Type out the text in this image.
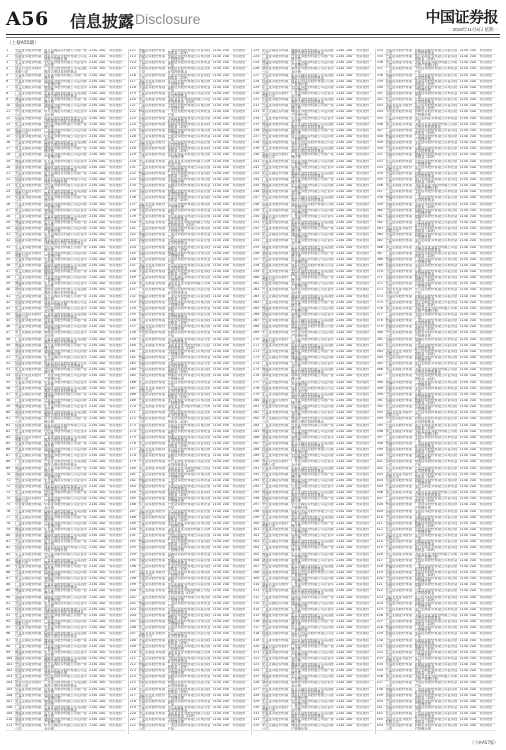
A56 信息披露 Disclosure	中国证券报
2019年11月4日 星期一
（上接A55版）
1	中信证券股份有限公司
申万宏源证券有限公司资产管理计划
2150 200	有效报价
2	招商证券股份有限公司
国泰君安证券股份有限公司定向资产管理计划
2150 200	有效报价
3	东方证券股份有限公司
中信证券股份有限公司企业年金计划
2150 200	有效报价
4	国泰君安证券股份有限公司
广发证券股份有限公司灵活配置混合型证券投资基金
2150 200	有效报价
5	华泰证券股份有限公司
华泰证券股份有限公司资产管理计划
2150 200	有效报价
6	兴业证券股份有限公司
招商证券股份有限公司定向资产管理计划
2150 200	有效报价
7	申万宏源证券有限公司
海通证券股份有限公司企业年金计划
2150 200	有效报价
8	广发证券股份有限公司
兴业证券股份有限公司灵活配置混合型证券投资基金
2150 200	有效报价
9	海通证券股份有限公司
东方证券股份有限公司资产管理计划
2150 200	有效报价
10	浙商证券股份有限公司
浙商证券股份有限公司定向资产管理计划
2150 200	有效报价
11	中信证券股份有限公司
申万宏源证券有限公司企业年金计划
2150 200	有效报价
12	招商证券股份有限公司
国泰君安证券股份有限公司灵活配置混合型证券投资基金
2150 200	有效报价
13	东方证券股份有限公司
中信证券股份有限公司资产管理计划
2150 200	有效报价
14	国泰君安证券股份有限公司
广发证券股份有限公司定向资产管理计划
2150 200	有效报价
15	华泰证券股份有限公司
华泰证券股份有限公司企业年金计划
2150 200	有效报价
16	兴业证券股份有限公司
招商证券股份有限公司灵活配置混合型证券投资基金
2150 200	有效报价
17	申万宏源证券有限公司
海通证券股份有限公司资产管理计划
2150 200	有效报价
18	广发证券股份有限公司
兴业证券股份有限公司定向资产管理计划
2150 200	有效报价
19	海通证券股份有限公司
东方证券股份有限公司企业年金计划
2150 200	有效报价
20	浙商证券股份有限公司
浙商证券股份有限公司灵活配置混合型证券投资基金
2150 200	有效报价
21	中信证券股份有限公司
申万宏源证券有限公司资产管理计划
2150 200	有效报价
22	招商证券股份有限公司
国泰君安证券股份有限公司定向资产管理计划
2150 200	有效报价
23	东方证券股份有限公司
中信证券股份有限公司企业年金计划
2150 200	有效报价
24	国泰君安证券股份有限公司
广发证券股份有限公司灵活配置混合型证券投资基金
2150 200	有效报价
25	华泰证券股份有限公司
华泰证券股份有限公司资产管理计划
2150 200	有效报价
26	兴业证券股份有限公司
招商证券股份有限公司定向资产管理计划
2150 200	有效报价
27	申万宏源证券有限公司
海通证券股份有限公司企业年金计划
2150 200	有效报价
28	广发证券股份有限公司
兴业证券股份有限公司灵活配置混合型证券投资基金
2150 200	有效报价
29	海通证券股份有限公司
东方证券股份有限公司资产管理计划
2150 200	有效报价
30	浙商证券股份有限公司
浙商证券股份有限公司定向资产管理计划
2150 200	有效报价
31	中信证券股份有限公司
申万宏源证券有限公司企业年金计划
2150 200	有效报价
32	招商证券股份有限公司
国泰君安证券股份有限公司灵活配置混合型证券投资基金
2150 200	有效报价
33	东方证券股份有限公司
中信证券股份有限公司资产管理计划
2150 200	有效报价
34	国泰君安证券股份有限公司
广发证券股份有限公司定向资产管理计划
2150 200	有效报价
35	华泰证券股份有限公司
华泰证券股份有限公司企业年金计划
2150 200	有效报价
36	兴业证券股份有限公司
招商证券股份有限公司灵活配置混合型证券投资基金
2150 200	有效报价
37	申万宏源证券有限公司
海通证券股份有限公司资产管理计划
2150 200	有效报价
38	广发证券股份有限公司
兴业证券股份有限公司定向资产管理计划
2150 200	有效报价
39	海通证券股份有限公司
东方证券股份有限公司企业年金计划
2150 200	有效报价
40	浙商证券股份有限公司
浙商证券股份有限公司灵活配置混合型证券投资基金
2150 200	有效报价
41	中信证券股份有限公司
申万宏源证券有限公司资产管理计划
2150 200	有效报价
42	招商证券股份有限公司
国泰君安证券股份有限公司定向资产管理计划
2150 200	有效报价
43	东方证券股份有限公司
中信证券股份有限公司企业年金计划
2150 200	有效报价
44	国泰君安证券股份有限公司
广发证券股份有限公司灵活配置混合型证券投资基金
2150 200	有效报价
45	华泰证券股份有限公司
华泰证券股份有限公司资产管理计划
2150 200	有效报价
46	兴业证券股份有限公司
招商证券股份有限公司定向资产管理计划
2150 200	有效报价
47	申万宏源证券有限公司
海通证券股份有限公司企业年金计划
2150 200	有效报价
48	广发证券股份有限公司
兴业证券股份有限公司灵活配置混合型证券投资基金
2150 200	有效报价
49	海通证券股份有限公司
东方证券股份有限公司资产管理计划
2150 200	有效报价
50	浙商证券股份有限公司
浙商证券股份有限公司定向资产管理计划
2150 200	有效报价
51	中信证券股份有限公司
申万宏源证券有限公司企业年金计划
2150 200	有效报价
52	招商证券股份有限公司
国泰君安证券股份有限公司灵活配置混合型证券投资基金
2150 200	有效报价
53	东方证券股份有限公司
中信证券股份有限公司资产管理计划
2150 200	有效报价
54	国泰君安证券股份有限公司
广发证券股份有限公司定向资产管理计划
2150 200	有效报价
55	华泰证券股份有限公司
华泰证券股份有限公司企业年金计划
2150 200	有效报价
56	兴业证券股份有限公司
招商证券股份有限公司灵活配置混合型证券投资基金
2150 200	有效报价
57	申万宏源证券有限公司
海通证券股份有限公司资产管理计划
2150 200	有效报价
58	广发证券股份有限公司
兴业证券股份有限公司定向资产管理计划
2150 200	有效报价
59	海通证券股份有限公司
东方证券股份有限公司企业年金计划
2150 200	有效报价
60	浙商证券股份有限公司
浙商证券股份有限公司灵活配置混合型证券投资基金
2150 200	有效报价
61	中信证券股份有限公司
申万宏源证券有限公司资产管理计划
2150 200	有效报价
62	招商证券股份有限公司
国泰君安证券股份有限公司定向资产管理计划
2150 200	有效报价
63	东方证券股份有限公司
中信证券股份有限公司企业年金计划
2150 200	有效报价
64	国泰君安证券股份有限公司
广发证券股份有限公司灵活配置混合型证券投资基金
2150 200	有效报价
65	华泰证券股份有限公司
华泰证券股份有限公司资产管理计划
2150 200	有效报价
66	兴业证券股份有限公司
招商证券股份有限公司定向资产管理计划
2150 200	有效报价
67	申万宏源证券有限公司
海通证券股份有限公司企业年金计划
2150 200	有效报价
68	广发证券股份有限公司
兴业证券股份有限公司灵活配置混合型证券投资基金
2150 200	有效报价
69	海通证券股份有限公司
东方证券股份有限公司资产管理计划
2150 200	有效报价
70	浙商证券股份有限公司
浙商证券股份有限公司定向资产管理计划
2150 200	有效报价
71	中信证券股份有限公司
申万宏源证券有限公司企业年金计划
2150 200	有效报价
72	招商证券股份有限公司
国泰君安证券股份有限公司灵活配置混合型证券投资基金
2150 200	有效报价
73	东方证券股份有限公司
中信证券股份有限公司资产管理计划
2150 200	有效报价
74	国泰君安证券股份有限公司
广发证券股份有限公司定向资产管理计划
2150 200	有效报价
75	华泰证券股份有限公司
华泰证券股份有限公司企业年金计划
2150 200	有效报价
76	兴业证券股份有限公司
招商证券股份有限公司灵活配置混合型证券投资基金
2150 200	有效报价
77	申万宏源证券有限公司
海通证券股份有限公司资产管理计划
2150 200	有效报价
78	广发证券股份有限公司
兴业证券股份有限公司定向资产管理计划
2150 200	有效报价
79	海通证券股份有限公司
东方证券股份有限公司企业年金计划
2150 200	有效报价
80	浙商证券股份有限公司
浙商证券股份有限公司灵活配置混合型证券投资基金
2150 200	有效报价
81	中信证券股份有限公司
申万宏源证券有限公司资产管理计划
2150 200	有效报价
82	招商证券股份有限公司
国泰君安证券股份有限公司定向资产管理计划
2150 200	有效报价
83	东方证券股份有限公司
中信证券股份有限公司企业年金计划
2150 200	有效报价
84	国泰君安证券股份有限公司
广发证券股份有限公司灵活配置混合型证券投资基金
2150 200	有效报价
85	华泰证券股份有限公司
华泰证券股份有限公司资产管理计划
2150 200	有效报价
86	兴业证券股份有限公司
招商证券股份有限公司定向资产管理计划
2150 200	有效报价
87	申万宏源证券有限公司
海通证券股份有限公司企业年金计划
2150 200	有效报价
88	广发证券股份有限公司
兴业证券股份有限公司灵活配置混合型证券投资基金
2150 200	有效报价
89	海通证券股份有限公司
东方证券股份有限公司资产管理计划
2150 200	有效报价
90	浙商证券股份有限公司
浙商证券股份有限公司定向资产管理计划
2150 200	有效报价
91	中信证券股份有限公司
申万宏源证券有限公司企业年金计划
2150 200	有效报价
92	招商证券股份有限公司
国泰君安证券股份有限公司灵活配置混合型证券投资基金
2150 200	有效报价
93	东方证券股份有限公司
中信证券股份有限公司资产管理计划
2150 200	有效报价
94	国泰君安证券股份有限公司
广发证券股份有限公司定向资产管理计划
2150 200	有效报价
95	华泰证券股份有限公司
华泰证券股份有限公司企业年金计划
2150 200	有效报价
96	兴业证券股份有限公司
招商证券股份有限公司灵活配置混合型证券投资基金
2150 200	有效报价
97	申万宏源证券有限公司
海通证券股份有限公司资产管理计划
2150 200	有效报价
98	广发证券股份有限公司
兴业证券股份有限公司定向资产管理计划
2150 200	有效报价
99	海通证券股份有限公司
东方证券股份有限公司企业年金计划
2150 200	有效报价
100 浙商证券股份有限公司
浙商证券股份有限公司灵活配置混合型证券投资基金
2150 200	有效报价
101 中信证券股份有限公司
申万宏源证券有限公司资产管理计划
2150 200	有效报价
102 招商证券股份有限公司
国泰君安证券股份有限公司定向资产管理计划
2150 200	有效报价
103 东方证券股份有限公司
中信证券股份有限公司企业年金计划
2150 200	有效报价
104 国泰君安证券股份有限公司
广发证券股份有限公司灵活配置混合型证券投资基金
2150 200	有效报价
105 华泰证券股份有限公司
华泰证券股份有限公司资产管理计划
2150 200	有效报价
106 兴业证券股份有限公司
招商证券股份有限公司定向资产管理计划
2150 200	有效报价
107 申万宏源证券有限公司
海通证券股份有限公司企业年金计划
2150 200	有效报价
108 广发证券股份有限公司
兴业证券股份有限公司灵活配置混合型证券投资基金
2150 200	有效报价
109 海通证券股份有限公司
东方证券股份有限公司资产管理计划
2150 200	有效报价
110 浙商证券股份有限公司
浙商证券股份有限公司定向资产管理计划
2150 200	有效报价
111 中信证券股份有限公司
申万宏源证券有限公司企业年金计划
2150 200	有效报价
112 海通证券股份有限公司
广发证券股份有限公司证券投资基金（LOF）
2150 200	有效报价
113 浙商证券股份有限公司
华泰证券股份有限公司集合资产管理计划
2150 200	有效报价
114 中信证券股份有限公司
招商证券股份有限公司养老金产品
2150 200	有效报价
115 招商证券股份有限公司
海通证券股份有限公司混合型证券投资基金
2150 200	有效报价
116 东方证券股份有限公司
兴业证券股份有限公司证券投资基金（LOF）
2150 200	有效报价
117 国泰君安证券股份有限公司
东方证券股份有限公司集合资产管理计划
2150 200	有效报价
118 华泰证券股份有限公司
浙商证券股份有限公司养老金产品
2150 200	有效报价
119 兴业证券股份有限公司
申万宏源证券有限公司混合型证券投资基金
2150 200	有效报价
120 申万宏源证券有限公司
国泰君安证券股份有限公司证券投资基金（LOF）
2150 200	有效报价
121 广发证券股份有限公司
中信证券股份有限公司集合资产管理计划
2150 200	有效报价
122 海通证券股份有限公司
广发证券股份有限公司养老金产品
2150 200	有效报价
123 浙商证券股份有限公司
华泰证券股份有限公司混合型证券投资基金
2150 200	有效报价
124 中信证券股份有限公司
招商证券股份有限公司证券投资基金（LOF）
2150 200	有效报价
125 招商证券股份有限公司
海通证券股份有限公司集合资产管理计划
2150 200	有效报价
126 东方证券股份有限公司
兴业证券股份有限公司养老金产品
2150 200	有效报价
127 国泰君安证券股份有限公司
东方证券股份有限公司混合型证券投资基金
2150 200	有效报价
128 华泰证券股份有限公司
浙商证券股份有限公司证券投资基金（LOF）
2150 200	有效报价
129 兴业证券股份有限公司
申万宏源证券有限公司集合资产管理计划
2150 200	有效报价
130 申万宏源证券有限公司
国泰君安证券股份有限公司养老金产品
2150 200	有效报价
131 广发证券股份有限公司
中信证券股份有限公司混合型证券投资基金
2150 200	有效报价
132 海通证券股份有限公司
广发证券股份有限公司证券投资基金（LOF）
2150 200	有效报价
133 浙商证券股份有限公司
华泰证券股份有限公司集合资产管理计划
2150 200	有效报价
134 中信证券股份有限公司
招商证券股份有限公司养老金产品
2150 200	有效报价
135 招商证券股份有限公司
海通证券股份有限公司混合型证券投资基金
2150 200	有效报价
136 东方证券股份有限公司
兴业证券股份有限公司证券投资基金（LOF）
2150 200	有效报价
137 国泰君安证券股份有限公司
东方证券股份有限公司集合资产管理计划
2150 200	有效报价
138 华泰证券股份有限公司
浙商证券股份有限公司养老金产品
2150 200	有效报价
139 兴业证券股份有限公司
申万宏源证券有限公司混合型证券投资基金
2150 200	有效报价
140 申万宏源证券有限公司
国泰君安证券股份有限公司证券投资基金（LOF）
2150 200	有效报价
141 广发证券股份有限公司
中信证券股份有限公司集合资产管理计划
2150 200	有效报价
142 海通证券股份有限公司
广发证券股份有限公司养老金产品
2150 200	有效报价
143 浙商证券股份有限公司
华泰证券股份有限公司混合型证券投资基金
2150 200	有效报价
144 中信证券股份有限公司
招商证券股份有限公司证券投资基金（LOF）
2150 200	有效报价
145 招商证券股份有限公司
海通证券股份有限公司集合资产管理计划
2150 200	有效报价
146 东方证券股份有限公司
兴业证券股份有限公司养老金产品
2150 200	有效报价
147 国泰君安证券股份有限公司
东方证券股份有限公司混合型证券投资基金
2150 200	有效报价
148 华泰证券股份有限公司
浙商证券股份有限公司证券投资基金（LOF）
2150 200	有效报价
149 兴业证券股份有限公司
申万宏源证券有限公司集合资产管理计划
2150 200	有效报价
150 申万宏源证券有限公司
国泰君安证券股份有限公司养老金产品
2150 200	有效报价
151 广发证券股份有限公司
中信证券股份有限公司混合型证券投资基金
2150 200	有效报价
152 海通证券股份有限公司
广发证券股份有限公司证券投资基金（LOF）
2150 200	有效报价
153 浙商证券股份有限公司
华泰证券股份有限公司集合资产管理计划
2150 200	有效报价
154 中信证券股份有限公司
招商证券股份有限公司养老金产品
2150 200	有效报价
155 招商证券股份有限公司
海通证券股份有限公司混合型证券投资基金
2150 200	有效报价
156 东方证券股份有限公司
兴业证券股份有限公司证券投资基金（LOF）
2150 200	有效报价
157 国泰君安证券股份有限公司
东方证券股份有限公司集合资产管理计划
2150 200	有效报价
158 华泰证券股份有限公司
浙商证券股份有限公司养老金产品
2150 200	有效报价
159 兴业证券股份有限公司
申万宏源证券有限公司混合型证券投资基金
2150 200	有效报价
160 申万宏源证券有限公司
国泰君安证券股份有限公司证券投资基金（LOF）
2150 200	有效报价
161 广发证券股份有限公司
中信证券股份有限公司集合资产管理计划
2150 200	有效报价
162 海通证券股份有限公司
广发证券股份有限公司养老金产品
2150 200	有效报价
163 浙商证券股份有限公司
华泰证券股份有限公司混合型证券投资基金
2150 200	有效报价
164 中信证券股份有限公司
招商证券股份有限公司证券投资基金（LOF）
2150 200	有效报价
165 招商证券股份有限公司
海通证券股份有限公司集合资产管理计划
2150 200	有效报价
166 东方证券股份有限公司
兴业证券股份有限公司养老金产品
2150 200	有效报价
167 国泰君安证券股份有限公司
东方证券股份有限公司混合型证券投资基金
2150 200	有效报价
168 华泰证券股份有限公司
浙商证券股份有限公司证券投资基金（LOF）
2150 200	有效报价
169 兴业证券股份有限公司
申万宏源证券有限公司集合资产管理计划
2150 200	有效报价
170 申万宏源证券有限公司
国泰君安证券股份有限公司养老金产品
2150 200	有效报价
171 广发证券股份有限公司
中信证券股份有限公司混合型证券投资基金
2150 200	有效报价
172 海通证券股份有限公司
广发证券股份有限公司证券投资基金（LOF）
2150 200	有效报价
173 浙商证券股份有限公司
华泰证券股份有限公司集合资产管理计划
2150 200	有效报价
174 中信证券股份有限公司
招商证券股份有限公司养老金产品
2150 200	有效报价
175 招商证券股份有限公司
海通证券股份有限公司混合型证券投资基金
2150 200	有效报价
176 东方证券股份有限公司
兴业证券股份有限公司证券投资基金（LOF）
2150 200	有效报价
177 国泰君安证券股份有限公司
东方证券股份有限公司集合资产管理计划
2150 200	有效报价
178 华泰证券股份有限公司
浙商证券股份有限公司养老金产品
2150 200	有效报价
179 兴业证券股份有限公司
申万宏源证券有限公司混合型证券投资基金
2150 200	有效报价
180 申万宏源证券有限公司
国泰君安证券股份有限公司证券投资基金（LOF）
2150 200	有效报价
181 广发证券股份有限公司
中信证券股份有限公司集合资产管理计划
2150 200	有效报价
182 海通证券股份有限公司
广发证券股份有限公司养老金产品
2150 200	有效报价
183 浙商证券股份有限公司
华泰证券股份有限公司混合型证券投资基金
2150 200	有效报价
184 中信证券股份有限公司
招商证券股份有限公司证券投资基金（LOF）
2150 200	有效报价
185 招商证券股份有限公司
海通证券股份有限公司集合资产管理计划
2150 200	有效报价
186 东方证券股份有限公司
兴业证券股份有限公司养老金产品
2150 200	有效报价
187 国泰君安证券股份有限公司
东方证券股份有限公司混合型证券投资基金
2150 200	有效报价
188 华泰证券股份有限公司
浙商证券股份有限公司证券投资基金（LOF）
2150 200	有效报价
189 兴业证券股份有限公司
申万宏源证券有限公司集合资产管理计划
2150 200	有效报价
190 申万宏源证券有限公司
国泰君安证券股份有限公司养老金产品
2150 200	有效报价
191 广发证券股份有限公司
中信证券股份有限公司混合型证券投资基金
2150 200	有效报价
192 海通证券股份有限公司
广发证券股份有限公司证券投资基金（LOF）
2150 200	有效报价
193 浙商证券股份有限公司
华泰证券股份有限公司集合资产管理计划
2150 200	有效报价
194 中信证券股份有限公司
招商证券股份有限公司养老金产品
2150 200	有效报价
195 招商证券股份有限公司
海通证券股份有限公司混合型证券投资基金
2150 200	有效报价
196 东方证券股份有限公司
兴业证券股份有限公司证券投资基金（LOF）
2150 200	有效报价
197 国泰君安证券股份有限公司
东方证券股份有限公司集合资产管理计划
2150 200	有效报价
198 华泰证券股份有限公司
浙商证券股份有限公司养老金产品
2150 200	有效报价
199 兴业证券股份有限公司
申万宏源证券有限公司混合型证券投资基金
2150 200	有效报价
200 申万宏源证券有限公司
国泰君安证券股份有限公司证券投资基金（LOF）
2150 200	有效报价
201 广发证券股份有限公司
中信证券股份有限公司集合资产管理计划
2150 200	有效报价
202 海通证券股份有限公司
广发证券股份有限公司养老金产品
2150 200	有效报价
203 浙商证券股份有限公司
华泰证券股份有限公司混合型证券投资基金
2150 200	有效报价
204 中信证券股份有限公司
招商证券股份有限公司证券投资基金（LOF）
2150 200	有效报价
205 招商证券股份有限公司
海通证券股份有限公司集合资产管理计划
2150 200	有效报价
206 东方证券股份有限公司
兴业证券股份有限公司养老金产品
2150 200	有效报价
207 国泰君安证券股份有限公司
东方证券股份有限公司混合型证券投资基金
2150 200	有效报价
208 华泰证券股份有限公司
浙商证券股份有限公司证券投资基金（LOF）
2150 200	有效报价
209 兴业证券股份有限公司
申万宏源证券有限公司集合资产管理计划
2150 200	有效报价
210 申万宏源证券有限公司
国泰君安证券股份有限公司养老金产品
2150 200	有效报价
211 广发证券股份有限公司
中信证券股份有限公司混合型证券投资基金
2150 200	有效报价
212 海通证券股份有限公司
广发证券股份有限公司证券投资基金（LOF）
2150 200	有效报价
213 浙商证券股份有限公司
华泰证券股份有限公司集合资产管理计划
2150 200	有效报价
214 中信证券股份有限公司
招商证券股份有限公司养老金产品
2150 200	有效报价
215 招商证券股份有限公司
海通证券股份有限公司混合型证券投资基金
2150 200	有效报价
216 东方证券股份有限公司
兴业证券股份有限公司证券投资基金（LOF）
2150 200	有效报价
217 国泰君安证券股份有限公司
东方证券股份有限公司集合资产管理计划
2150 200	有效报价
218 华泰证券股份有限公司
浙商证券股份有限公司养老金产品
2150 200	有效报价
219 兴业证券股份有限公司
申万宏源证券有限公司混合型证券投资基金
2150 200	有效报价
220 申万宏源证券有限公司
国泰君安证券股份有限公司证券投资基金（LOF）
2150 200	有效报价
221 广发证券股份有限公司
中信证券股份有限公司集合资产管理计划
2150 200	有效报价
222 海通证券股份有限公司
广发证券股份有限公司养老金产品
2150 200	有效报价
223 申万宏源证券有限公司
海通证券股份有限公司灵活配置混合型证券投资基金
2150 200	有效报价
224 广发证券股份有限公司
兴业证券股份有限公司资产管理计划
2150 200	有效报价
225 海通证券股份有限公司
东方证券股份有限公司定向资产管理计划
2150 200	有效报价
226 浙商证券股份有限公司
浙商证券股份有限公司企业年金计划
2150 200	有效报价
227 中信证券股份有限公司
申万宏源证券有限公司灵活配置混合型证券投资基金
2150 200	有效报价
228 招商证券股份有限公司
国泰君安证券股份有限公司资产管理计划
2150 200	有效报价
229 东方证券股份有限公司
中信证券股份有限公司定向资产管理计划
2150 200	有效报价
230 国泰君安证券股份有限公司
广发证券股份有限公司企业年金计划
2150 200	有效报价
231 华泰证券股份有限公司
华泰证券股份有限公司灵活配置混合型证券投资基金
2150 200	有效报价
232 兴业证券股份有限公司
招商证券股份有限公司资产管理计划
2150 200	有效报价
233 申万宏源证券有限公司
海通证券股份有限公司定向资产管理计划
2150 200	有效报价
234 广发证券股份有限公司
兴业证券股份有限公司企业年金计划
2150 200	有效报价
235 海通证券股份有限公司
东方证券股份有限公司灵活配置混合型证券投资基金
2150 200	有效报价
236 浙商证券股份有限公司
浙商证券股份有限公司资产管理计划
2150 200	有效报价
237 中信证券股份有限公司
申万宏源证券有限公司定向资产管理计划
2150 200	有效报价
238 招商证券股份有限公司
国泰君安证券股份有限公司企业年金计划
2150 200	有效报价
239 东方证券股份有限公司
中信证券股份有限公司灵活配置混合型证券投资基金
2150 200	有效报价
240 国泰君安证券股份有限公司
广发证券股份有限公司资产管理计划
2150 200	有效报价
241 华泰证券股份有限公司
华泰证券股份有限公司定向资产管理计划
2150 200	有效报价
242 兴业证券股份有限公司
招商证券股份有限公司企业年金计划
2150 200	有效报价
243 申万宏源证券有限公司
海通证券股份有限公司灵活配置混合型证券投资基金
2150 200	有效报价
244 广发证券股份有限公司
兴业证券股份有限公司资产管理计划
2150 200	有效报价
245 海通证券股份有限公司
东方证券股份有限公司定向资产管理计划
2150 200	有效报价
246 浙商证券股份有限公司
浙商证券股份有限公司企业年金计划
2150 200	有效报价
247 中信证券股份有限公司
申万宏源证券有限公司灵活配置混合型证券投资基金
2150 200	有效报价
248 招商证券股份有限公司
国泰君安证券股份有限公司资产管理计划
2150 200	有效报价
249 东方证券股份有限公司
中信证券股份有限公司定向资产管理计划
2150 200	有效报价
250 国泰君安证券股份有限公司
广发证券股份有限公司企业年金计划
2150 200	有效报价
251 华泰证券股份有限公司
华泰证券股份有限公司灵活配置混合型证券投资基金
2150 200	有效报价
252 兴业证券股份有限公司
招商证券股份有限公司资产管理计划
2150 200	有效报价
253 申万宏源证券有限公司
海通证券股份有限公司定向资产管理计划
2150 200	有效报价
254 广发证券股份有限公司
兴业证券股份有限公司企业年金计划
2150 200	有效报价
255 海通证券股份有限公司
东方证券股份有限公司灵活配置混合型证券投资基金
2150 200	有效报价
256 浙商证券股份有限公司
浙商证券股份有限公司资产管理计划
2150 200	有效报价
257 中信证券股份有限公司
申万宏源证券有限公司定向资产管理计划
2150 200	有效报价
258 招商证券股份有限公司
国泰君安证券股份有限公司企业年金计划
2150 200	有效报价
259 东方证券股份有限公司
中信证券股份有限公司灵活配置混合型证券投资基金
2150 200	有效报价
260 国泰君安证券股份有限公司
广发证券股份有限公司资产管理计划
2150 200	有效报价
261 华泰证券股份有限公司
华泰证券股份有限公司定向资产管理计划
2150 200	有效报价
262 兴业证券股份有限公司
招商证券股份有限公司企业年金计划
2150 200	有效报价
263 申万宏源证券有限公司
海通证券股份有限公司灵活配置混合型证券投资基金
2150 200	有效报价
264 广发证券股份有限公司
兴业证券股份有限公司资产管理计划
2150 200	有效报价
265 海通证券股份有限公司
东方证券股份有限公司定向资产管理计划
2150 200	有效报价
266 浙商证券股份有限公司
浙商证券股份有限公司企业年金计划
2150 200	有效报价
267 中信证券股份有限公司
申万宏源证券有限公司灵活配置混合型证券投资基金
2150 200	有效报价
268 招商证券股份有限公司
国泰君安证券股份有限公司资产管理计划
2150 200	有效报价
269 东方证券股份有限公司
中信证券股份有限公司定向资产管理计划
2150 200	有效报价
270 国泰君安证券股份有限公司
广发证券股份有限公司企业年金计划
2150 200	有效报价
271 华泰证券股份有限公司
华泰证券股份有限公司灵活配置混合型证券投资基金
2150 200	有效报价
272 兴业证券股份有限公司
招商证券股份有限公司资产管理计划
2150 200	有效报价
273 申万宏源证券有限公司
海通证券股份有限公司定向资产管理计划
2150 200	有效报价
274 广发证券股份有限公司
兴业证券股份有限公司企业年金计划
2150 200	有效报价
275 海通证券股份有限公司
东方证券股份有限公司灵活配置混合型证券投资基金
2150 200	有效报价
276 浙商证券股份有限公司
浙商证券股份有限公司资产管理计划
2150 200	有效报价
277 中信证券股份有限公司
申万宏源证券有限公司定向资产管理计划
2150 200	有效报价
278 招商证券股份有限公司
国泰君安证券股份有限公司企业年金计划
2150 200	有效报价
279 东方证券股份有限公司
中信证券股份有限公司灵活配置混合型证券投资基金
2150 200	有效报价
280 国泰君安证券股份有限公司
广发证券股份有限公司资产管理计划
2150 200	有效报价
281 华泰证券股份有限公司
华泰证券股份有限公司定向资产管理计划
2150 200	有效报价
282 兴业证券股份有限公司
招商证券股份有限公司企业年金计划
2150 200	有效报价
283 申万宏源证券有限公司
海通证券股份有限公司灵活配置混合型证券投资基金
2150 200	有效报价
284 广发证券股份有限公司
兴业证券股份有限公司资产管理计划
2150 200	有效报价
285 海通证券股份有限公司
东方证券股份有限公司定向资产管理计划
2150 200	有效报价
286 浙商证券股份有限公司
浙商证券股份有限公司企业年金计划
2150 200	有效报价
287 中信证券股份有限公司
申万宏源证券有限公司灵活配置混合型证券投资基金
2150 200	有效报价
288 招商证券股份有限公司
国泰君安证券股份有限公司资产管理计划
2150 200	有效报价
289 东方证券股份有限公司
中信证券股份有限公司定向资产管理计划
2150 200	有效报价
290 国泰君安证券股份有限公司
广发证券股份有限公司企业年金计划
2150 200	有效报价
291 华泰证券股份有限公司
华泰证券股份有限公司灵活配置混合型证券投资基金
2150 200	有效报价
292 兴业证券股份有限公司
招商证券股份有限公司资产管理计划
2150 200	有效报价
293 申万宏源证券有限公司
海通证券股份有限公司定向资产管理计划
2150 200	有效报价
294 广发证券股份有限公司
兴业证券股份有限公司企业年金计划
2150 200	有效报价
295 海通证券股份有限公司
东方证券股份有限公司灵活配置混合型证券投资基金
2150 200	有效报价
296 浙商证券股份有限公司
浙商证券股份有限公司资产管理计划
2150 200	有效报价
297 中信证券股份有限公司
申万宏源证券有限公司定向资产管理计划
2150 200	有效报价
298 招商证券股份有限公司
国泰君安证券股份有限公司企业年金计划
2150 200	有效报价
299 东方证券股份有限公司
中信证券股份有限公司灵活配置混合型证券投资基金
2150 200	有效报价
300 国泰君安证券股份有限公司
广发证券股份有限公司资产管理计划
2150 200	有效报价
301 华泰证券股份有限公司
华泰证券股份有限公司定向资产管理计划
2150 200	有效报价
302 兴业证券股份有限公司
招商证券股份有限公司企业年金计划
2150 200	有效报价
303 申万宏源证券有限公司
海通证券股份有限公司灵活配置混合型证券投资基金
2150 200	有效报价
304 广发证券股份有限公司
兴业证券股份有限公司资产管理计划
2150 200	有效报价
305 海通证券股份有限公司
东方证券股份有限公司定向资产管理计划
2150 200	有效报价
306 浙商证券股份有限公司
浙商证券股份有限公司企业年金计划
2150 200	有效报价
307 中信证券股份有限公司
申万宏源证券有限公司灵活配置混合型证券投资基金
2150 200	有效报价
308 招商证券股份有限公司
国泰君安证券股份有限公司资产管理计划
2150 200	有效报价
309 东方证券股份有限公司
中信证券股份有限公司定向资产管理计划
2150 200	有效报价
310 国泰君安证券股份有限公司
广发证券股份有限公司企业年金计划
2150 200	有效报价
311 华泰证券股份有限公司
华泰证券股份有限公司灵活配置混合型证券投资基金
2150 200	有效报价
312 兴业证券股份有限公司
招商证券股份有限公司资产管理计划
2150 200	有效报价
313 申万宏源证券有限公司
海通证券股份有限公司定向资产管理计划
2150 200	有效报价
314 广发证券股份有限公司
兴业证券股份有限公司企业年金计划
2150 200	有效报价
315 海通证券股份有限公司
东方证券股份有限公司灵活配置混合型证券投资基金
2150 200	有效报价
316 浙商证券股份有限公司
浙商证券股份有限公司资产管理计划
2150 200	有效报价
317 中信证券股份有限公司
申万宏源证券有限公司定向资产管理计划
2150 200	有效报价
318 招商证券股份有限公司
国泰君安证券股份有限公司企业年金计划
2150 200	有效报价
319 东方证券股份有限公司
中信证券股份有限公司灵活配置混合型证券投资基金
2150 200	有效报价
320 国泰君安证券股份有限公司
广发证券股份有限公司资产管理计划
2150 200	有效报价
321 华泰证券股份有限公司
华泰证券股份有限公司定向资产管理计划
2150 200	有效报价
322 兴业证券股份有限公司
招商证券股份有限公司企业年金计划
2150 200	有效报价
323 申万宏源证券有限公司
海通证券股份有限公司灵活配置混合型证券投资基金
2150 200	有效报价
324 广发证券股份有限公司
兴业证券股份有限公司资产管理计划
2150 200	有效报价
325 海通证券股份有限公司
东方证券股份有限公司定向资产管理计划
2150 200	有效报价
326 浙商证券股份有限公司
浙商证券股份有限公司企业年金计划
2150 200	有效报价
327 中信证券股份有限公司
申万宏源证券有限公司灵活配置混合型证券投资基金
2150 200	有效报价
328 招商证券股份有限公司
国泰君安证券股份有限公司资产管理计划
2150 200	有效报价
329 东方证券股份有限公司
中信证券股份有限公司定向资产管理计划
2150 200	有效报价
330 国泰君安证券股份有限公司
广发证券股份有限公司企业年金计划
2150 200	有效报价
331 华泰证券股份有限公司
华泰证券股份有限公司灵活配置混合型证券投资基金
2150 200	有效报价
332 兴业证券股份有限公司
招商证券股份有限公司资产管理计划
2150 200	有效报价
333 申万宏源证券有限公司
海通证券股份有限公司定向资产管理计划
2150 200	有效报价
334 华泰证券股份有限公司
浙商证券股份有限公司混合型证券投资基金
2150 200	有效报价
335 兴业证券股份有限公司
申万宏源证券有限公司证券投资基金（LOF）
2150 200	有效报价
336 申万宏源证券有限公司
国泰君安证券股份有限公司集合资产管理计划
2150 200	有效报价
337 广发证券股份有限公司
中信证券股份有限公司养老金产品
2150 200	有效报价
338 海通证券股份有限公司
广发证券股份有限公司混合型证券投资基金
2150 200	有效报价
339 浙商证券股份有限公司
华泰证券股份有限公司证券投资基金（LOF）
2150 200	有效报价
340 中信证券股份有限公司
招商证券股份有限公司集合资产管理计划
2150 200	有效报价
341 招商证券股份有限公司
海通证券股份有限公司养老金产品
2150 200	有效报价
342 东方证券股份有限公司
兴业证券股份有限公司混合型证券投资基金
2150 200	有效报价
343 国泰君安证券股份有限公司
东方证券股份有限公司证券投资基金（LOF）
2150 200	有效报价
344 华泰证券股份有限公司
浙商证券股份有限公司集合资产管理计划
2150 200	有效报价
345 兴业证券股份有限公司
申万宏源证券有限公司养老金产品
2150 200	有效报价
346 申万宏源证券有限公司
国泰君安证券股份有限公司混合型证券投资基金
2150 200	有效报价
347 广发证券股份有限公司
中信证券股份有限公司证券投资基金（LOF）
2150 200	有效报价
348 海通证券股份有限公司
广发证券股份有限公司集合资产管理计划
2150 200	有效报价
349 浙商证券股份有限公司
华泰证券股份有限公司养老金产品
2150 200	有效报价
350 中信证券股份有限公司
招商证券股份有限公司混合型证券投资基金
2150 200	有效报价
351 招商证券股份有限公司
海通证券股份有限公司证券投资基金（LOF）
2150 200	有效报价
352 东方证券股份有限公司
兴业证券股份有限公司集合资产管理计划
2150 200	有效报价
353 国泰君安证券股份有限公司
东方证券股份有限公司养老金产品
2150 200	有效报价
354 华泰证券股份有限公司
浙商证券股份有限公司混合型证券投资基金
2150 200	有效报价
355 兴业证券股份有限公司
申万宏源证券有限公司证券投资基金（LOF）
2150 200	有效报价
356 申万宏源证券有限公司
国泰君安证券股份有限公司集合资产管理计划
2150 200	有效报价
357 广发证券股份有限公司
中信证券股份有限公司养老金产品
2150 200	有效报价
358 海通证券股份有限公司
广发证券股份有限公司混合型证券投资基金
2150 200	有效报价
359 浙商证券股份有限公司
华泰证券股份有限公司证券投资基金（LOF）
2150 200	有效报价
360 中信证券股份有限公司
招商证券股份有限公司集合资产管理计划
2150 200	有效报价
361 招商证券股份有限公司
海通证券股份有限公司养老金产品
2150 200	有效报价
362 东方证券股份有限公司
兴业证券股份有限公司混合型证券投资基金
2150 200	有效报价
363 国泰君安证券股份有限公司
东方证券股份有限公司证券投资基金（LOF）
2150 200	有效报价
364 华泰证券股份有限公司
浙商证券股份有限公司集合资产管理计划
2150 200	有效报价
365 兴业证券股份有限公司
申万宏源证券有限公司养老金产品
2150 200	有效报价
366 申万宏源证券有限公司
国泰君安证券股份有限公司混合型证券投资基金
2150 200	有效报价
367 广发证券股份有限公司
中信证券股份有限公司证券投资基金（LOF）
2150 200	有效报价
368 海通证券股份有限公司
广发证券股份有限公司集合资产管理计划
2150 200	有效报价
369 浙商证券股份有限公司
华泰证券股份有限公司养老金产品
2150 200	有效报价
370 中信证券股份有限公司
招商证券股份有限公司混合型证券投资基金
2150 200	有效报价
371 招商证券股份有限公司
海通证券股份有限公司证券投资基金（LOF）
2150 200	有效报价
372 东方证券股份有限公司
兴业证券股份有限公司集合资产管理计划
2150 200	有效报价
373 国泰君安证券股份有限公司
东方证券股份有限公司养老金产品
2150 200	有效报价
374 华泰证券股份有限公司
浙商证券股份有限公司混合型证券投资基金
2150 200	有效报价
375 兴业证券股份有限公司
申万宏源证券有限公司证券投资基金（LOF）
2150 200	有效报价
376 申万宏源证券有限公司
国泰君安证券股份有限公司集合资产管理计划
2150 200	有效报价
377 广发证券股份有限公司
中信证券股份有限公司养老金产品
2150 200	有效报价
378 海通证券股份有限公司
广发证券股份有限公司混合型证券投资基金
2150 200	有效报价
379 浙商证券股份有限公司
华泰证券股份有限公司证券投资基金（LOF）
2150 200	有效报价
380 中信证券股份有限公司
招商证券股份有限公司集合资产管理计划
2150 200	有效报价
381 招商证券股份有限公司
海通证券股份有限公司养老金产品
2150 200	有效报价
382 东方证券股份有限公司
兴业证券股份有限公司混合型证券投资基金
2150 200	有效报价
383 国泰君安证券股份有限公司
东方证券股份有限公司证券投资基金（LOF）
2150 200	有效报价
384 华泰证券股份有限公司
浙商证券股份有限公司集合资产管理计划
2150 200	有效报价
385 兴业证券股份有限公司
申万宏源证券有限公司养老金产品
2150 200	有效报价
386 申万宏源证券有限公司
国泰君安证券股份有限公司混合型证券投资基金
2150 200	有效报价
387 广发证券股份有限公司
中信证券股份有限公司证券投资基金（LOF）
2150 200	有效报价
388 海通证券股份有限公司
广发证券股份有限公司集合资产管理计划
2150 200	有效报价
389 浙商证券股份有限公司
华泰证券股份有限公司养老金产品
2150 200	有效报价
390 中信证券股份有限公司
招商证券股份有限公司混合型证券投资基金
2150 200	有效报价
391 招商证券股份有限公司
海通证券股份有限公司证券投资基金（LOF）
2150 200	有效报价
392 东方证券股份有限公司
兴业证券股份有限公司集合资产管理计划
2150 200	有效报价
393 国泰君安证券股份有限公司
东方证券股份有限公司养老金产品
2150 200	有效报价
394 华泰证券股份有限公司
浙商证券股份有限公司混合型证券投资基金
2150 200	有效报价
395 兴业证券股份有限公司
申万宏源证券有限公司证券投资基金（LOF）
2150 200	有效报价
396 申万宏源证券有限公司
国泰君安证券股份有限公司集合资产管理计划
2150 200	有效报价
397 广发证券股份有限公司
中信证券股份有限公司养老金产品
2150 200	有效报价
398 海通证券股份有限公司
广发证券股份有限公司混合型证券投资基金
2150 200	有效报价
399 浙商证券股份有限公司
华泰证券股份有限公司证券投资基金（LOF）
2150 200	有效报价
400 中信证券股份有限公司
招商证券股份有限公司集合资产管理计划
2150 200	有效报价
401 招商证券股份有限公司
海通证券股份有限公司养老金产品
2150 200	有效报价
402 东方证券股份有限公司
兴业证券股份有限公司混合型证券投资基金
2150 200	有效报价
403 国泰君安证券股份有限公司
东方证券股份有限公司证券投资基金（LOF）
2150 200	有效报价
404 华泰证券股份有限公司
浙商证券股份有限公司集合资产管理计划
2150 200	有效报价
405 兴业证券股份有限公司
申万宏源证券有限公司养老金产品
2150 200	有效报价
406 申万宏源证券有限公司
国泰君安证券股份有限公司混合型证券投资基金
2150 200	有效报价
407 广发证券股份有限公司
中信证券股份有限公司证券投资基金（LOF）
2150 200	有效报价
408 海通证券股份有限公司
广发证券股份有限公司集合资产管理计划
2150 200	有效报价
409 浙商证券股份有限公司
华泰证券股份有限公司养老金产品
2150 200	有效报价
410 中信证券股份有限公司
招商证券股份有限公司混合型证券投资基金
2150 200	有效报价
411 招商证券股份有限公司
海通证券股份有限公司证券投资基金（LOF）
2150 200	有效报价
412 东方证券股份有限公司
兴业证券股份有限公司集合资产管理计划
2150 200	有效报价
413 国泰君安证券股份有限公司
东方证券股份有限公司养老金产品
2150 200	有效报价
414 华泰证券股份有限公司
浙商证券股份有限公司混合型证券投资基金
2150 200	有效报价
415 兴业证券股份有限公司
申万宏源证券有限公司证券投资基金（LOF）
2150 200	有效报价
416 申万宏源证券有限公司
国泰君安证券股份有限公司集合资产管理计划
2150 200	有效报价
417 广发证券股份有限公司
中信证券股份有限公司养老金产品
2150 200	有效报价
418 海通证券股份有限公司
广发证券股份有限公司混合型证券投资基金
2150 200	有效报价
419 浙商证券股份有限公司
华泰证券股份有限公司证券投资基金（LOF）
2150 200	有效报价
420 中信证券股份有限公司
招商证券股份有限公司集合资产管理计划
2150 200	有效报价
421 招商证券股份有限公司
海通证券股份有限公司养老金产品
2150 200	有效报价
422 东方证券股份有限公司
兴业证券股份有限公司混合型证券投资基金
2150 200	有效报价
423 国泰君安证券股份有限公司
东方证券股份有限公司证券投资基金（LOF）
2150 200	有效报价
424 华泰证券股份有限公司
浙商证券股份有限公司集合资产管理计划
2150 200	有效报价
425 兴业证券股份有限公司
申万宏源证券有限公司养老金产品
2150 200	有效报价
426 申万宏源证券有限公司
国泰君安证券股份有限公司混合型证券投资基金
2150 200	有效报价
427 广发证券股份有限公司
中信证券股份有限公司证券投资基金（LOF）
2150 200	有效报价
428 海通证券股份有限公司
广发证券股份有限公司集合资产管理计划
2150 200	有效报价
429 浙商证券股份有限公司
华泰证券股份有限公司养老金产品
2150 200	有效报价
430 中信证券股份有限公司
招商证券股份有限公司混合型证券投资基金
2150 200	有效报价
431 招商证券股份有限公司
海通证券股份有限公司证券投资基金（LOF）
2150 200	有效报价
432 东方证券股份有限公司
兴业证券股份有限公司集合资产管理计划
2150 200	有效报价
433 国泰君安证券股份有限公司
东方证券股份有限公司养老金产品
2150 200	有效报价
434 华泰证券股份有限公司
浙商证券股份有限公司混合型证券投资基金
2150 200	有效报价
435 兴业证券股份有限公司
申万宏源证券有限公司证券投资基金（LOF）
2150 200	有效报价
436 申万宏源证券有限公司
国泰君安证券股份有限公司集合资产管理计划
2150 200	有效报价
437 广发证券股份有限公司
中信证券股份有限公司养老金产品
2150 200	有效报价
438 海通证券股份有限公司
广发证券股份有限公司混合型证券投资基金
2150 200	有效报价
439 浙商证券股份有限公司
华泰证券股份有限公司证券投资基金（LOF）
2150 200	有效报价
440 中信证券股份有限公司
招商证券股份有限公司集合资产管理计划
2150 200	有效报价
441 招商证券股份有限公司
海通证券股份有限公司养老金产品
2150 200	有效报价
442 东方证券股份有限公司
兴业证券股份有限公司混合型证券投资基金
2150 200	有效报价
443 国泰君安证券股份有限公司
东方证券股份有限公司证券投资基金（LOF）
2150 200	有效报价
444 华泰证券股份有限公司
浙商证券股份有限公司集合资产管理计划
2150 200	有效报价
（下转A57版）
